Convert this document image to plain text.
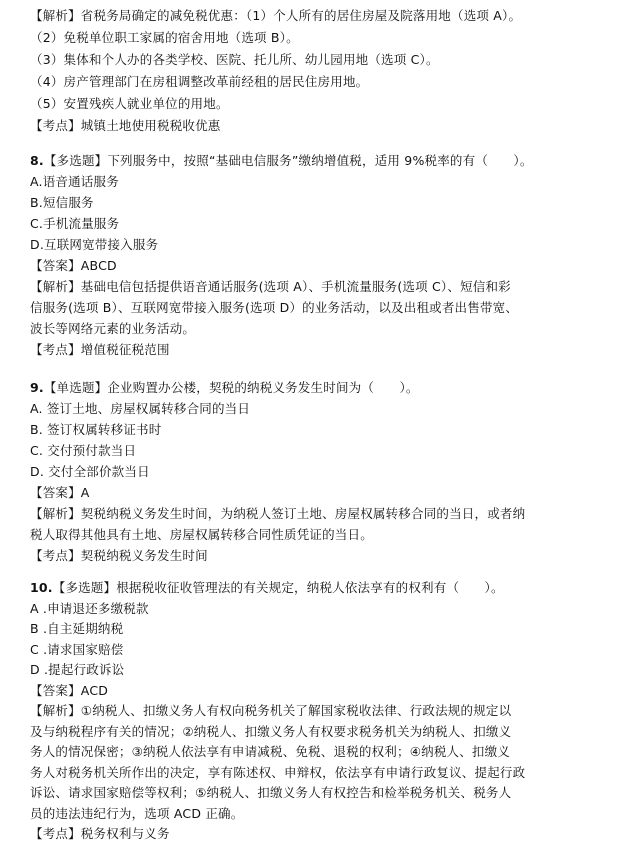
【解析】省税务局确定的减免税优惠：（1）个人所有的居住房屋及院落用地（选项 A）。
（2）免税单位职工家属的宿舍用地（选项 B）。
（3）集体和个人办的各类学校、医院、托儿所、幼儿园用地（选项 C）。
（4）房产管理部门在房租调整改革前经租的居民住房用地。
（5）安置残疾人就业单位的用地。
【考点】城镇土地使用税税收优惠
8.【多选题】下列服务中，按照“基础电信服务”缴纳增值税，适用 9%税率的有（　　）。
A.语音通话服务
B.短信服务
C.手机流量服务
D.互联网宽带接入服务
【答案】ABCD
【解析】基础电信包括提供语音通话服务(选项 A）、手机流量服务(选项 C）、短信和彩
信服务(选项 B）、互联网宽带接入服务(选项 D）的业务活动，以及出租或者出售带宽、
波长等网络元素的业务活动。
【考点】增值税征税范围
9.【单选题】企业购置办公楼，契税的纳税义务发生时间为（　　）。
A. 签订土地、房屋权属转移合同的当日
B. 签订权属转移证书时
C. 交付预付款当日
D. 交付全部价款当日
【答案】A
【解析】契税纳税义务发生时间，为纳税人签订土地、房屋权属转移合同的当日，或者纳
税人取得其他具有土地、房屋权属转移合同性质凭证的当日。
【考点】契税纳税义务发生时间
10.【多选题】根据税收征收管理法的有关规定，纳税人依法享有的权利有（　　）。
A .申请退还多缴税款
B .自主延期纳税
C .请求国家赔偿
D .提起行政诉讼
【答案】ACD
【解析】①纳税人、扣缴义务人有权向税务机关了解国家税收法律、行政法规的规定以
及与纳税程序有关的情况；②纳税人、扣缴义务人有权要求税务机关为纳税人、扣缴义
务人的情况保密；③纳税人依法享有申请减税、免税、退税的权利；④纳税人、扣缴义
务人对税务机关所作出的决定，享有陈述权、申辩权，依法享有申请行政复议、提起行政
诉讼、请求国家赔偿等权利；⑤纳税人、扣缴义务人有权控告和检举税务机关、税务人
员的违法违纪行为，选项 ACD 正确。
【考点】税务权利与义务
